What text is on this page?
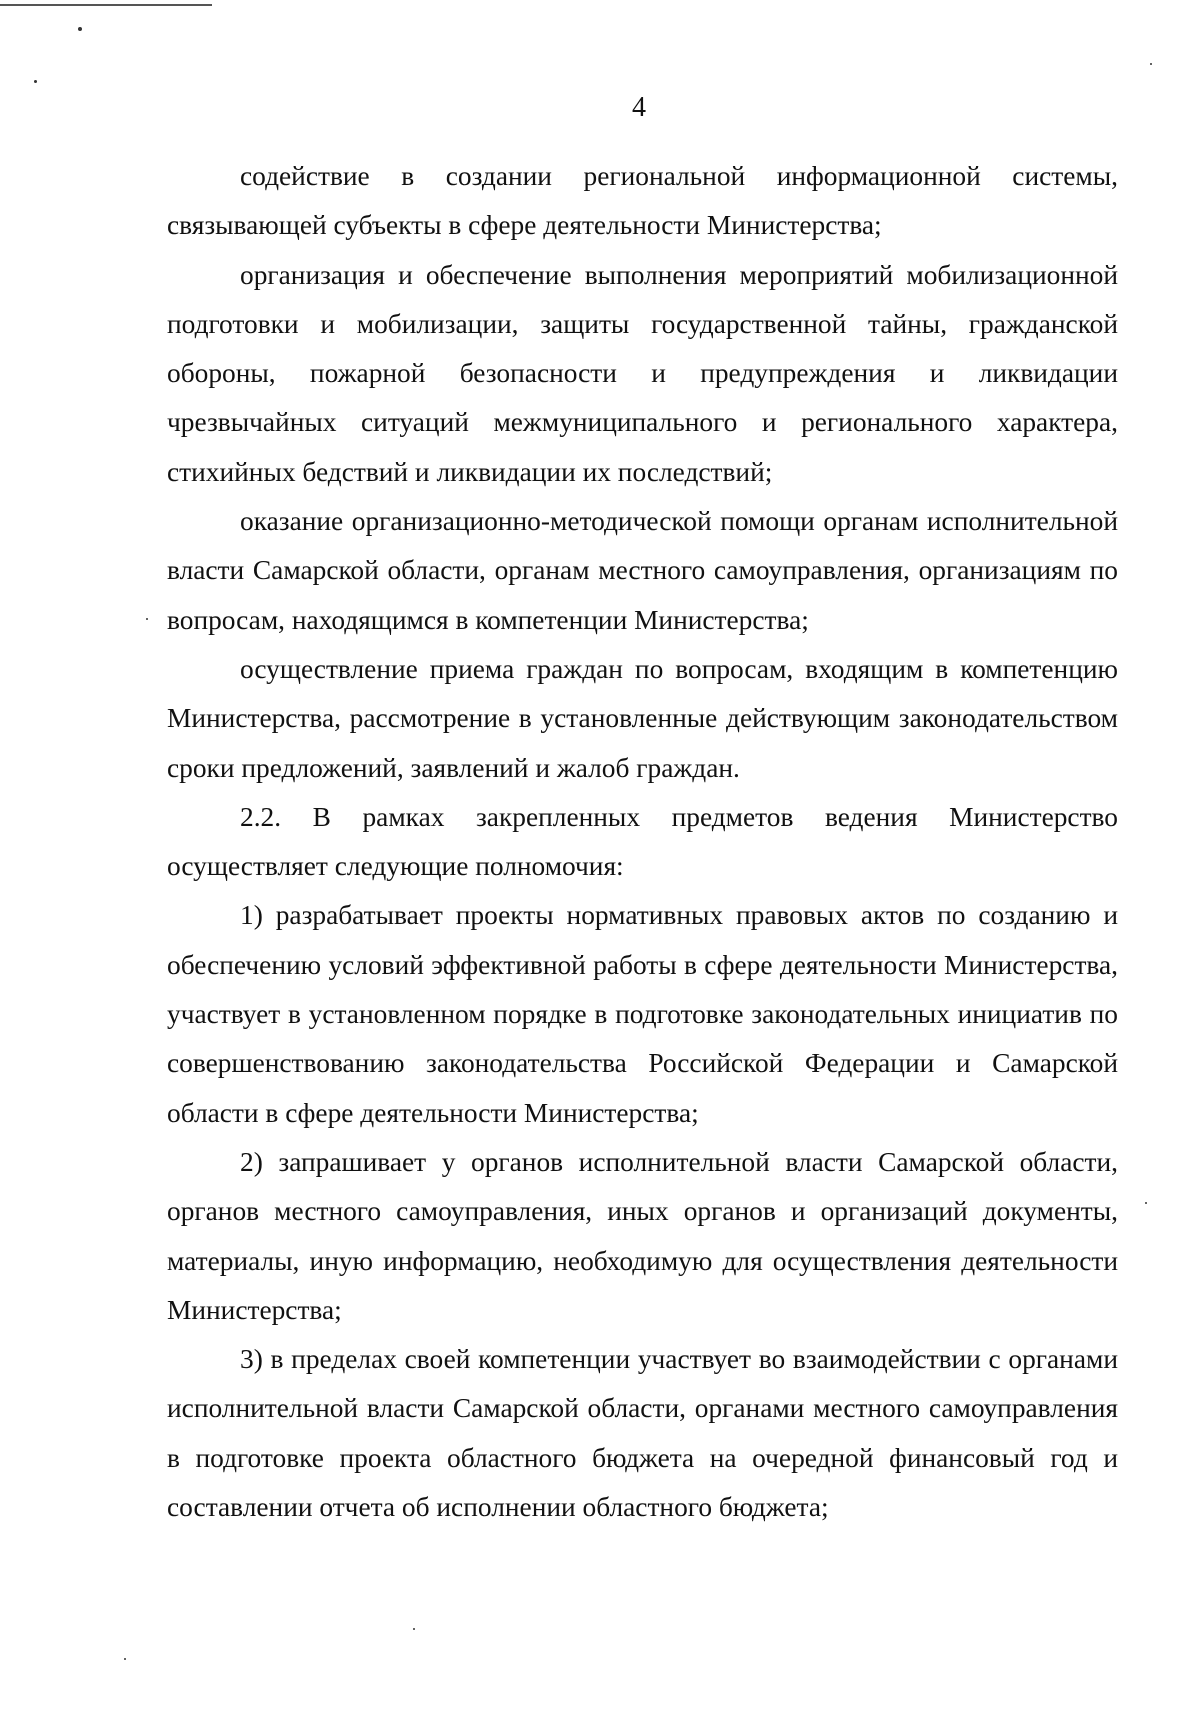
4

содействие в создании региональной информационной системы, связывающей субъекты в сфере деятельности Министерства;

организация и обеспечение выполнения мероприятий мобилизационной подготовки и мобилизации, защиты государственной тайны, гражданской обороны, пожарной безопасности и предупреждения и ликвидации чрезвычайных ситуаций межмуниципального и регионального характера, стихийных бедствий и ликвидации их последствий;

оказание организационно-методической помощи органам исполнительной власти Самарской области, органам местного самоуправления, организациям по вопросам, находящимся в компетенции Министерства;

осуществление приема граждан по вопросам, входящим в компетенцию Министерства, рассмотрение в установленные действующим законодательством сроки предложений, заявлений и жалоб граждан.

2.2. В рамках закрепленных предметов ведения Министерство осуществляет следующие полномочия:

1) разрабатывает проекты нормативных правовых актов по созданию и обеспечению условий эффективной работы в сфере деятельности Министерства, участвует в установленном порядке в подготовке законодательных инициатив по совершенствованию законодательства Российской Федерации и Самарской области в сфере деятельности Министерства;

2) запрашивает у органов исполнительной власти Самарской области, органов местного самоуправления, иных органов и организаций документы, материалы, иную информацию, необходимую для осуществления деятельности Министерства;

3) в пределах своей компетенции участвует во взаимодействии с органами исполнительной власти Самарской области, органами местного самоуправления в подготовке проекта областного бюджета на очередной финансовый год и составлении отчета об исполнении областного бюджета;
